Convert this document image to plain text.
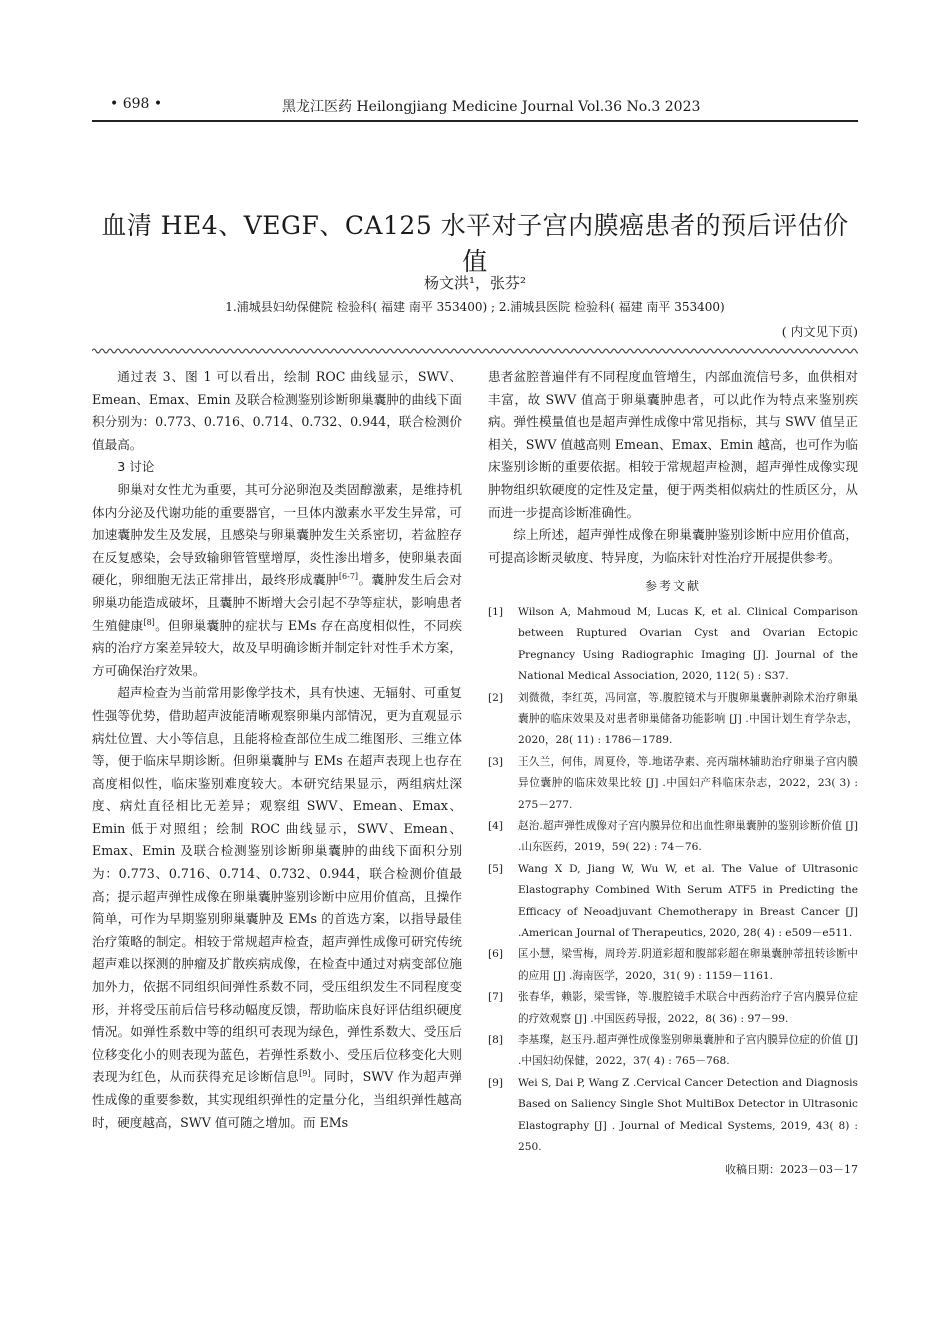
• 698 •	黑龙江医药 Heilongjiang Medicine Journal Vol.36 No.3 2023
血清 HE4、VEGF、CA125 水平对子宫内膜癌患者的预后评估价值
杨文洪¹，张芬²
1.浦城县妇幼保健院 检验科( 福建 南平 353400) ; 2.浦城县医院 检验科( 福建 南平 353400)
( 内文见下页)

通过表 3、图 1 可以看出，绘制 ROC 曲线显示，SWV、Emean、Emax、Emin 及联合检测鉴别诊断卵巢囊肿的曲线下面积分别为：0.773、0.716、0.714、0.732、0.944，联合检测价值最高。

3 讨论

卵巢对女性尤为重要，其可分泌卵泡及类固醇激素，是维持机体内分泌及代谢功能的重要器官，一旦体内激素水平发生异常，可加速囊肿发生及发展，且感染与卵巢囊肿发生关系密切，若盆腔存在反复感染，会导致输卵管管壁增厚，炎性渗出增多，使卵巢表面硬化，卵细胞无法正常排出，最终形成囊肿[6-7]。囊肿发生后会对卵巢功能造成破坏，且囊肿不断增大会引起不孕等症状，影响患者生殖健康[8]。但卵巢囊肿的症状与 EMs 存在高度相似性，不同疾病的治疗方案差异较大，故及早明确诊断并制定针对性手术方案，方可确保治疗效果。

超声检查为当前常用影像学技术，具有快速、无辐射、可重复性强等优势，借助超声波能清晰观察卵巢内部情况，更为直观显示病灶位置、大小等信息，且能将检查部位生成二维图形、三维立体等，便于临床早期诊断。但卵巢囊肿与 EMs 在超声表现上也存在高度相似性，临床鉴别难度较大。本研究结果显示，两组病灶深度、病灶直径相比无差异；观察组 SWV、Emean、Emax、Emin 低于对照组；绘制 ROC 曲线显示，SWV、Emean、Emax、Emin 及联合检测鉴别诊断卵巢囊肿的曲线下面积分别为：0.773、0.716、0.714、0.732、0.944，联合检测价值最高；提示超声弹性成像在卵巢囊肿鉴别诊断中应用价值高，且操作简单，可作为早期鉴别卵巢囊肿及 EMs 的首选方案，以指导最佳治疗策略的制定。相较于常规超声检查，超声弹性成像可研究传统超声难以探测的肿瘤及扩散疾病成像，在检查中通过对病变部位施加外力，依据不同组织间弹性系数不同，受压组织发生不同程度变形，并将受压前后信号移动幅度反馈，帮助临床良好评估组织硬度情况。如弹性系数中等的组织可表现为绿色，弹性系数大、受压后位移变化小的则表现为蓝色，若弹性系数小、受压后位移变化大则表现为红色，从而获得充足诊断信息[9]。同时，SWV 作为超声弹性成像的重要参数，其实现组织弹性的定量分化，当组织弹性越高时，硬度越高，SWV 值可随之增加。而 EMs

患者盆腔普遍伴有不同程度血管增生，内部血流信号多，血供相对丰富，故 SWV 值高于卵巢囊肿患者，可以此作为特点来鉴别疾病。弹性模量值也是超声弹性成像中常见指标，其与 SWV 值呈正相关，SWV 值越高则 Emean、Emax、Emin 越高，也可作为临床鉴别诊断的重要依据。相较于常规超声检测，超声弹性成像实现肿物组织软硬度的定性及定量，便于两类相似病灶的性质区分，从而进一步提高诊断准确性。

综上所述，超声弹性成像在卵巢囊肿鉴别诊断中应用价值高，可提高诊断灵敏度、特异度，为临床针对性治疗开展提供参考。

参考文献
[1]	Wilson A, Mahmoud M, Lucas K, et al. Clinical Comparison between Ruptured Ovarian Cyst and Ovarian Ectopic Pregnancy Using Radiographic Imaging [J]. Journal of the National Medical Association, 2020, 112( 5) : S37.
[2]	刘微微，李红英，冯同富，等.腹腔镜术与开腹卵巢囊肿剥除术治疗卵巢囊肿的临床效果及对患者卵巢储备功能影响 [J] .中国计划生育学杂志，2020，28( 11) : 1786－1789.
[3]	王久兰，何伟，周夏伶，等.地诺孕素、亮丙瑞林辅助治疗卵巢子宫内膜异位囊肿的临床效果比较 [J] .中国妇产科临床杂志，2022，23( 3) : 275－277.
[4]	赵治.超声弹性成像对子宫内膜异位和出血性卵巢囊肿的鉴别诊断价值 [J] .山东医药，2019，59( 22) : 74－76.
[5]	Wang X D, Jiang W, Wu W, et al. The Value of Ultrasonic Elastography Combined With Serum ATF5 in Predicting the Efficacy of Neoadjuvant Chemotherapy in Breast Cancer [J] .American Journal of Therapeutics, 2020, 28( 4) : e509－e511.
[6]	匡小慧，梁雪梅，周玲芳.阴道彩超和腹部彩超在卵巢囊肿蒂扭转诊断中的应用 [J] .海南医学，2020，31( 9) : 1159－1161.
[7]	张春华，赖影，梁雪锋，等.腹腔镜手术联合中西药治疗子宫内膜异位症的疗效观察 [J] .中国医药导报，2022，8( 36) : 97－99.
[8]	李基璨，赵玉丹.超声弹性成像鉴别卵巢囊肿和子宫内膜异位症的价值 [J] .中国妇幼保健，2022，37( 4) : 765－768.
[9]	Wei S, Dai P, Wang Z .Cervical Cancer Detection and Diagnosis Based on Saliency Single Shot MultiBox Detector in Ultrasonic Elastography [J] . Journal of Medical Systems, 2019, 43( 8) : 250.
收稿日期：2023－03－17
